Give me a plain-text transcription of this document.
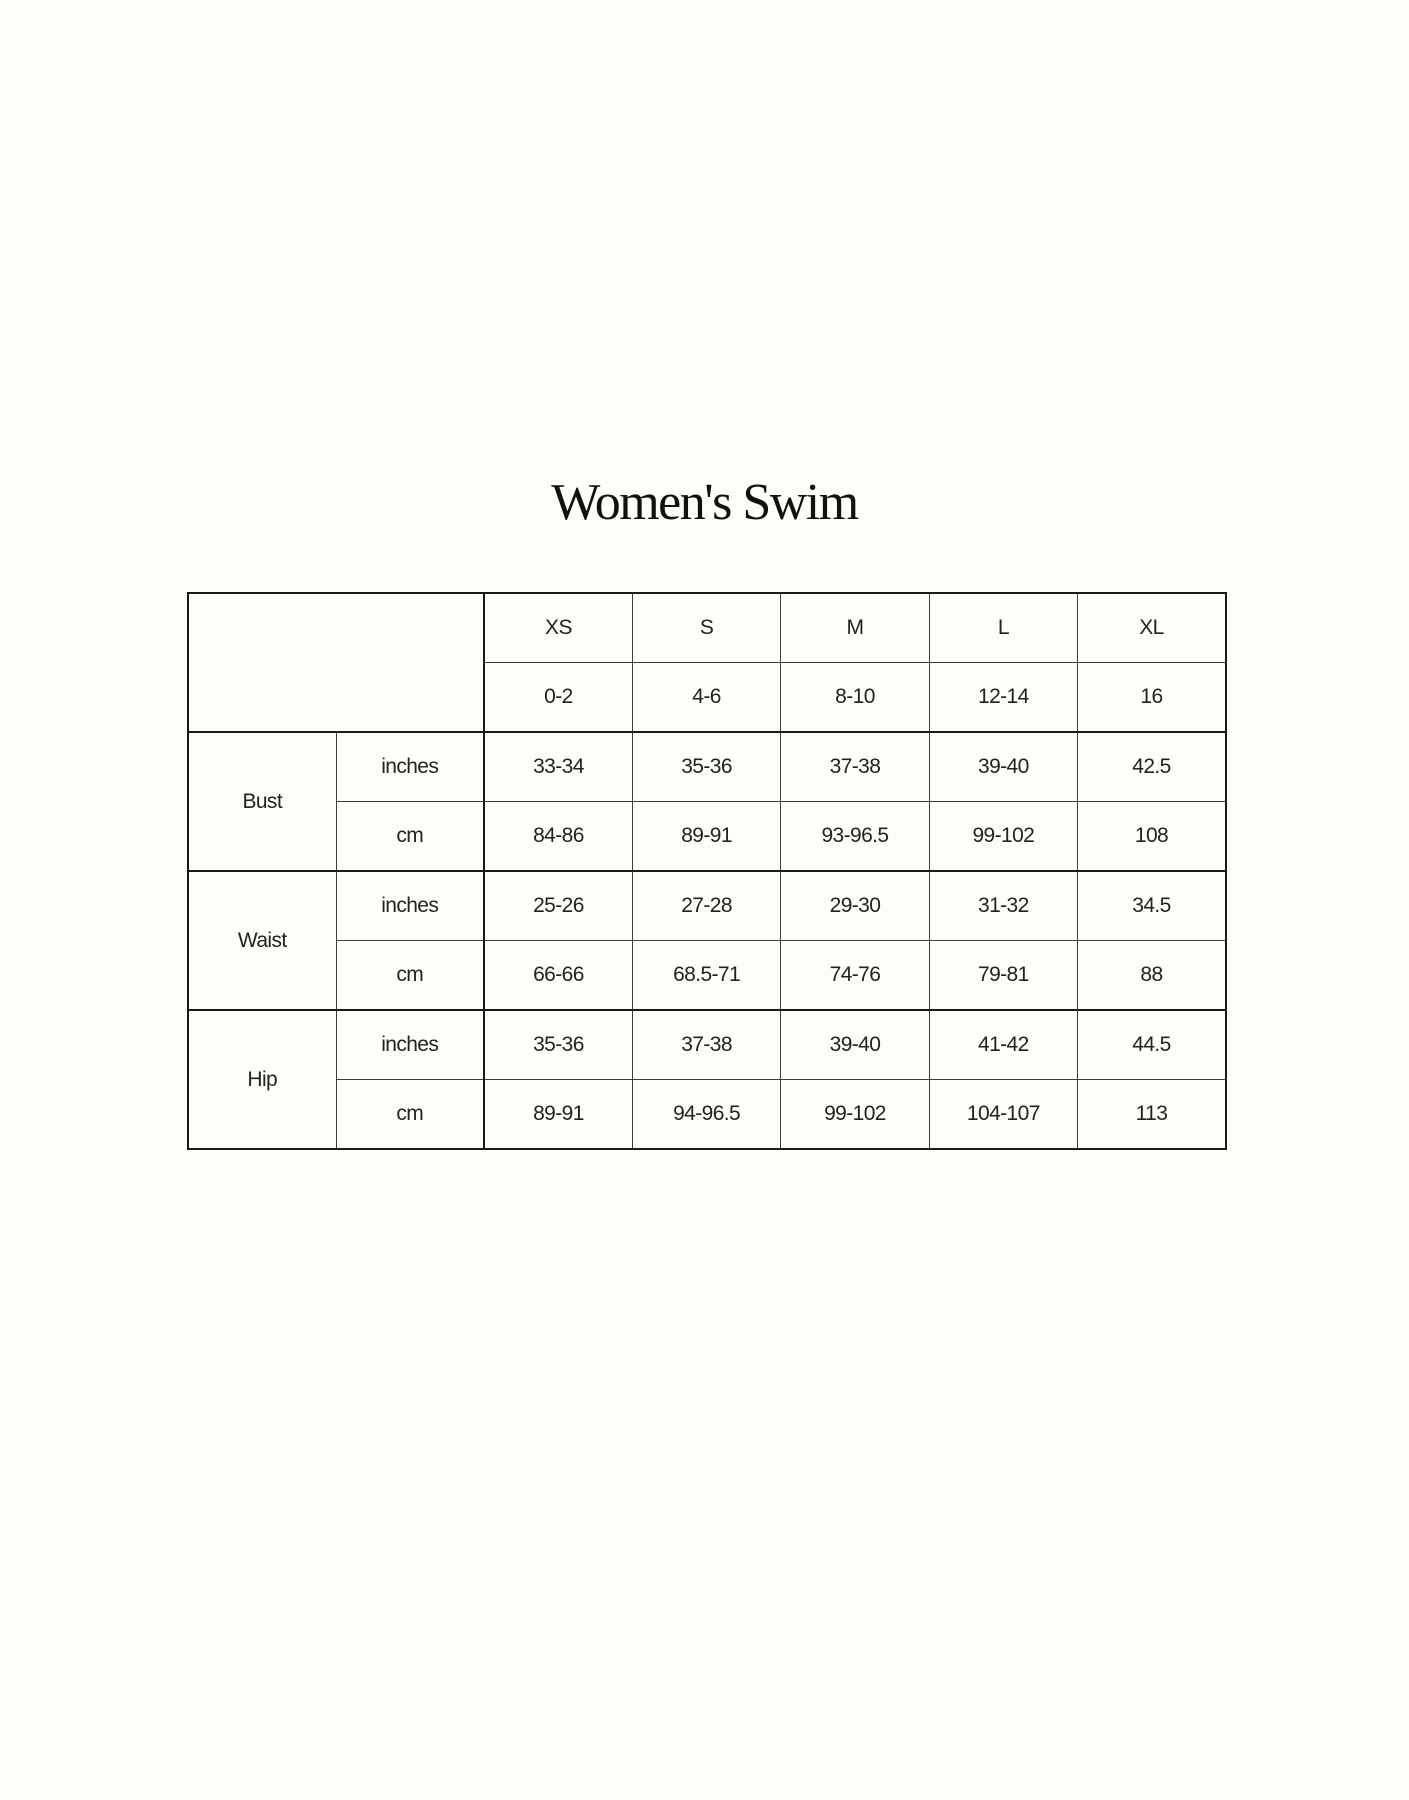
Women's Swim
		XS	S	M	L	XL
		0-2	4-6	8-10	12-14	16
Bust	inches	33-34	35-36	37-38	39-40	42.5
	cm	84-86	89-91	93-96.5	99-102	108
Waist	inches	25-26	27-28	29-30	31-32	34.5
	cm	66-66	68.5-71	74-76	79-81	88
Hip	inches	35-36	37-38	39-40	41-42	44.5
	cm	89-91	94-96.5	99-102	104-107	113
